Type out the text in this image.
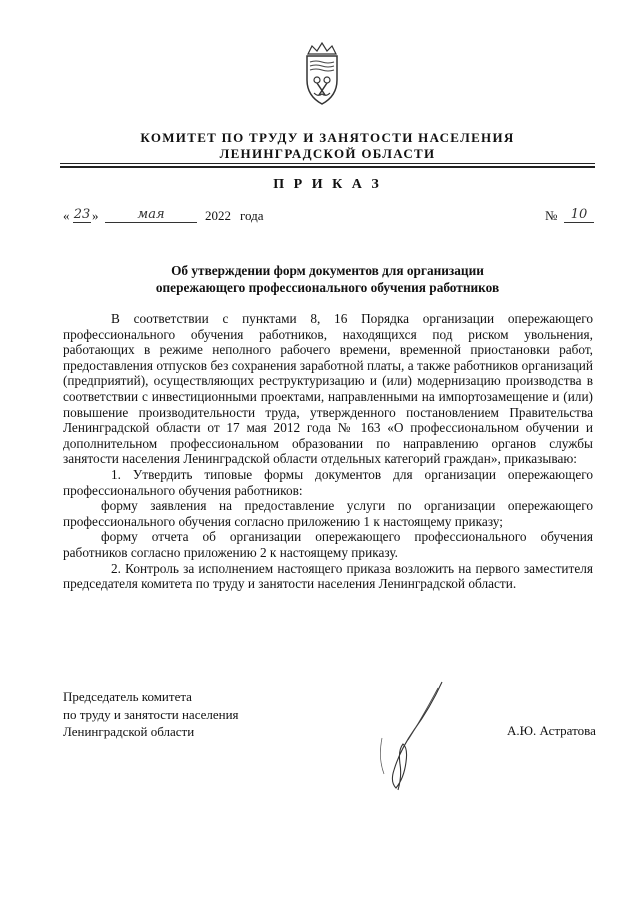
КОМИТЕТ ПО ТРУДУ И ЗАНЯТОСТИ НАСЕЛЕНИЯ
ЛЕНИНГРАДСКОЙ ОБЛАСТИ
П Р И К А З
« 23 »	мая	2022 года	№	10
Об утверждении форм документов для организации
опережающего профессионального обучения работников

В соответствии с пунктами 8, 16 Порядка организации опережающего профессионального обучения работников, находящихся под риском увольнения, работающих в режиме неполного рабочего времени, временной приостановки работ, предоставления отпусков без сохранения заработной платы, а также работников организаций (предприятий), осуществляющих реструктуризацию и (или) модернизацию производства в соответствии с инвестиционными проектами, направленными на импортозамещение и (или) повышение производительности труда, утвержденного постановлением Правительства Ленинградской области от 17 мая 2012 года № 163 «О профессиональном обучении и дополнительном профессиональном образовании по направлению органов службы занятости населения Ленинградской области отдельных категорий граждан», приказываю:

1. Утвердить типовые формы документов для организации опережающего профессионального обучения работников:

форму заявления на предоставление услуги по организации опережающего профессионального обучения согласно приложению 1 к настоящему приказу;

форму отчета об организации опережающего профессионального обучения работников согласно приложению 2 к настоящему приказу.

2. Контроль за исполнением настоящего приказа возложить на первого заместителя председателя комитета по труду и занятости населения Ленинградской области.

Председатель комитета
по труду и занятости населения
Ленинградской области	А.Ю. Астратова
